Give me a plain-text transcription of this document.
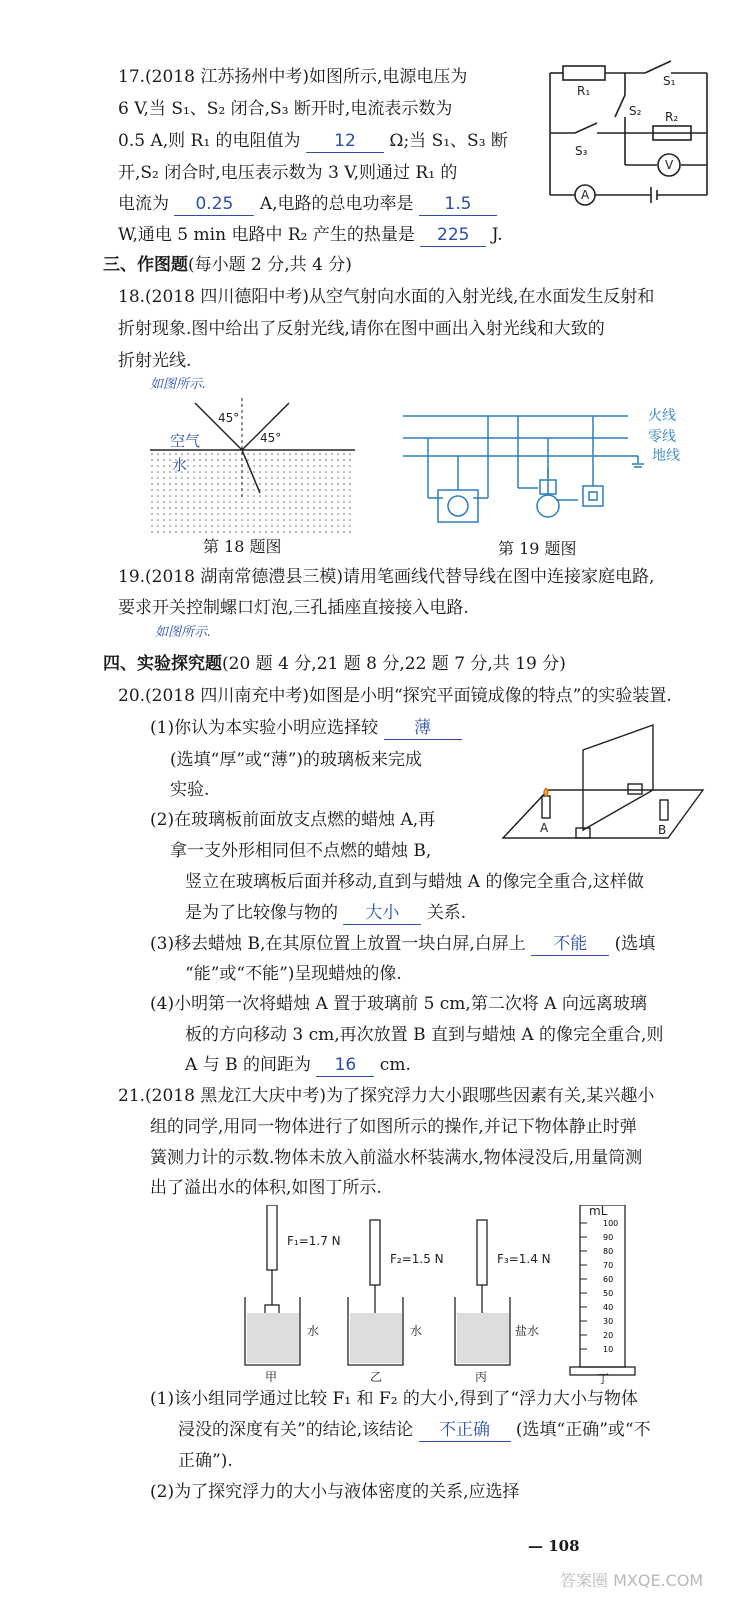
17.(2018 江苏扬州中考)如图所示,电源电压为
6 V,当 S₁、S₂ 闭合,S₃ 断开时,电流表示数为
0.5 A,则 R₁ 的电阻值为 12 Ω;当 S₁、S₃ 断
开,S₂ 闭合时,电压表示数为 3 V,则通过 R₁ 的
电流为 0.25 A,电路的总电功率是 1.5
W,通电 5 min 电路中 R₂ 产生的热量是 225 J.
R₁
S₁
S₂ R₂
S₃
V
A
三、作图题(每小题 2 分,共 4 分)
18.(2018 四川德阳中考)从空气射向水面的入射光线,在水面发生反射和
折射现象.图中给出了反射光线,请你在图中画出入射光线和大致的
折射光线.
如图所示.
45°
45°
空气
水
第 18 题图
火线
零线
地线
第 19 题图
19.(2018 湖南常德澧县三模)请用笔画线代替导线在图中连接家庭电路,
要求开关控制螺口灯泡,三孔插座直接接入电路.
如图所示.
四、实验探究题(20 题 4 分,21 题 8 分,22 题 7 分,共 19 分)
20.(2018 四川南充中考)如图是小明“探究平面镜成像的特点”的实验装置.
(1)你认为本实验小明应选择较 薄
(选填“厚”或“薄”)的玻璃板来完成
实验.
(2)在玻璃板前面放支点燃的蜡烛 A,再
拿一支外形相同但不点燃的蜡烛 B,
A	B
竖立在玻璃板后面并移动,直到与蜡烛 A 的像完全重合,这样做
是为了比较像与物的 大小 关系.
(3)移去蜡烛 B,在其原位置上放置一块白屏,白屏上 不能 (选填
“能”或“不能”)呈现蜡烛的像.
(4)小明第一次将蜡烛 A 置于玻璃前 5 cm,第二次将 A 向远离玻璃
板的方向移动 3 cm,再次放置 B 直到与蜡烛 A 的像完全重合,则
A 与 B 的间距为 16 cm.
21.(2018 黑龙江大庆中考)为了探究浮力大小跟哪些因素有关,某兴趣小
组的同学,用同一物体进行了如图所示的操作,并记下物体静止时弹
簧测力计的示数.物体未放入前溢水杯装满水,物体浸没后,用量筒测
出了溢出水的体积,如图丁所示.
F₁=1.7 N
F₂=1.5 N	F₃=1.4 N
水	水	盐水
甲	乙	丙	丁
mL
100
90
80
70
60
50
40
30
20
10
(1)该小组同学通过比较 F₁ 和 F₂ 的大小,得到了“浮力大小与物体
浸没的深度有关”的结论,该结论 不正确 (选填“正确”或“不
正确”).
(2)为了探究浮力的大小与液体密度的关系,应选择
— 108
答案圈 MXQE.COM
